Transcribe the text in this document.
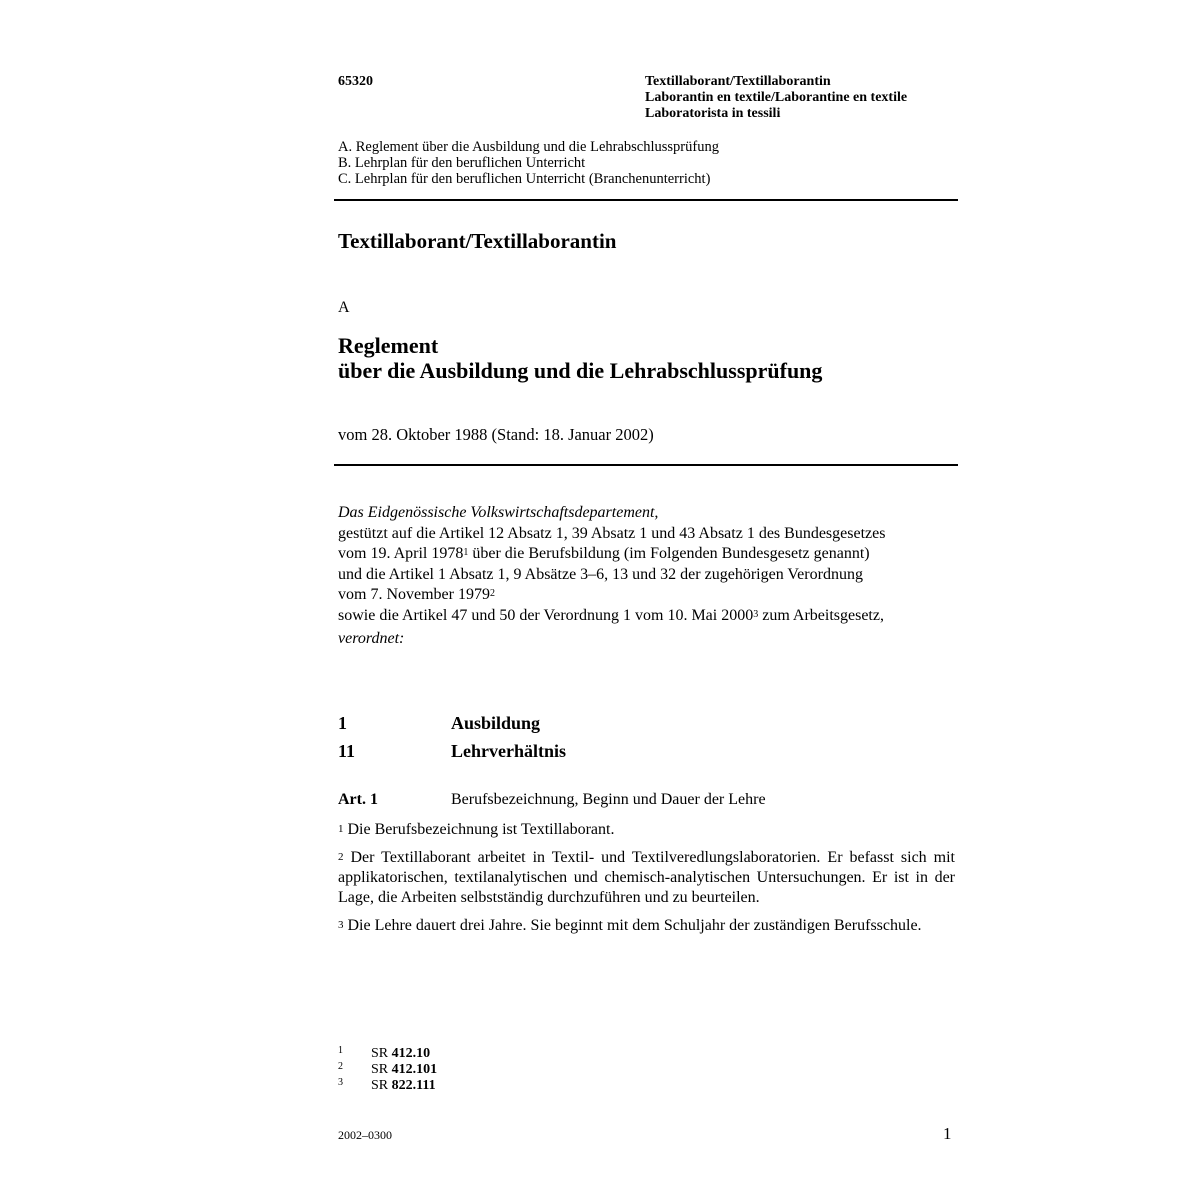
65320	Textillaborant/Textillaborantin
Laborantin en textile/Laborantine en textile
Laboratorista in tessili
A. Reglement über die Ausbildung und die Lehrabschlussprüfung
B. Lehrplan für den beruflichen Unterricht
C. Lehrplan für den beruflichen Unterricht (Branchenunterricht)
Textillaborant/Textillaborantin
A
Reglement
über die Ausbildung und die Lehrabschlussprüfung
vom 28. Oktober 1988 (Stand: 18. Januar 2002)
Das Eidgenössische Volkswirtschaftsdepartement,
gestützt auf die Artikel 12 Absatz 1, 39 Absatz 1 und 43 Absatz 1 des Bundesgesetzes
vom 19. April 1978$^1$ über die Berufsbildung (im Folgenden Bundesgesetz genannt)
und die Artikel 1 Absatz 1, 9 Absätze 3–6, 13 und 32 der zugehörigen Verordnung
vom 7. November 1979$^2$
sowie die Artikel 47 und 50 der Verordnung 1 vom 10. Mai 2000$^3$ zum Arbeitsgesetz,
verordnet:
1	Ausbildung
11	Lehrverhältnis
Art. 1	Berufsbezeichnung, Beginn und Dauer der Lehre
$^1$ Die Berufsbezeichnung ist Textillaborant.
$^2$ Der Textillaborant arbeitet in Textil- und Textilveredlungslaboratorien. Er befasst sich mit applikatorischen, textilanalytischen und chemisch-analytischen Untersuchungen. Er ist in der Lage, die Arbeiten selbstständig durchzuführen und zu beurteilen.
$^3$ Die Lehre dauert drei Jahre. Sie beginnt mit dem Schuljahr der zuständigen Berufsschule.
1 SR 412.10
2 SR 412.101
3 SR 822.111
2002–0300	1
